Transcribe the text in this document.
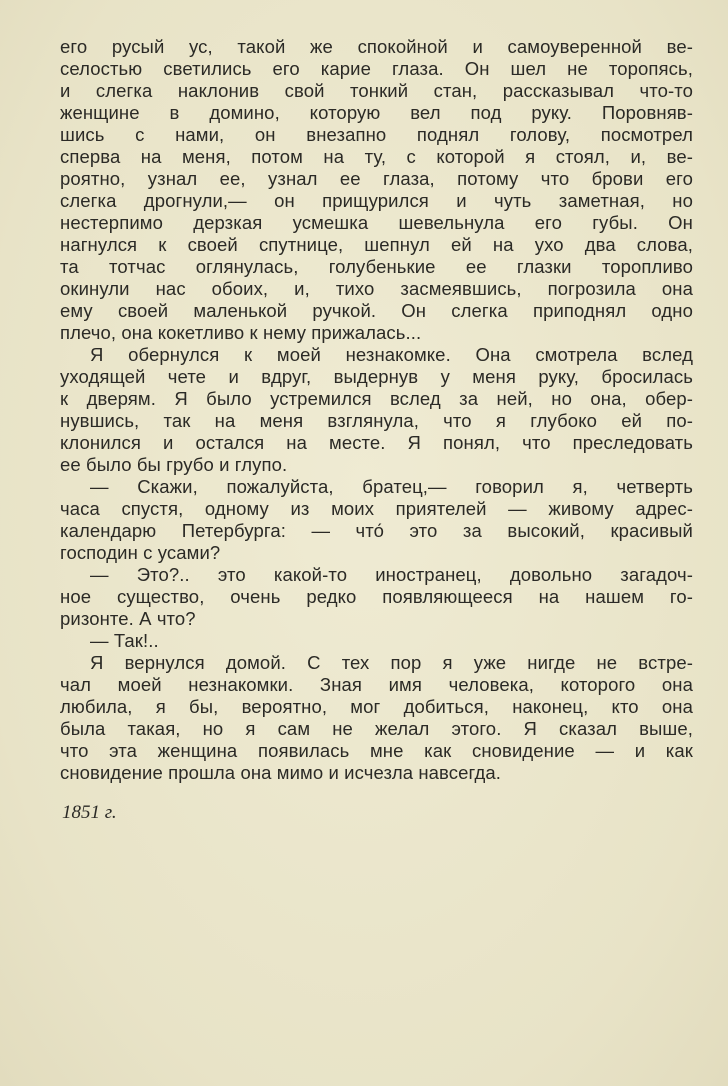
его русый ус, такой же спокойной и самоуверенной ве-
селостью светились его карие глаза. Он шел не торопясь,
и слегка наклонив свой тонкий стан, рассказывал что-то
женщине в домино, которую вел под руку. Поровняв-
шись с нами, он внезапно поднял голову, посмотрел
сперва на меня, потом на ту, с которой я стоял, и, ве-
роятно, узнал ее, узнал ее глаза, потому что брови его
слегка дрогнули,— он прищурился и чуть заметная, но
нестерпимо дерзкая усмешка шевельнула его губы. Он
нагнулся к своей спутнице, шепнул ей на ухо два слова,
та тотчас оглянулась, голубенькие ее глазки торопливо
окинули нас обоих, и, тихо засмеявшись, погрозила она
ему своей маленькой ручкой. Он слегка приподнял одно
плечо, она кокетливо к нему прижалась...
Я обернулся к моей незнакомке. Она смотрела вслед
уходящей чете и вдруг, выдернув у меня руку, бросилась
к дверям. Я было устремился вслед за ней, но она, обер-
нувшись, так на меня взглянула, что я глубоко ей по-
клонился и остался на месте. Я понял, что преследовать
ее было бы грубо и глупо.
— Скажи, пожалуйста, братец,— говорил я, четверть
часа спустя, одному из моих приятелей — живому адрес-
календарю Петербурга: — что́ это за высокий, красивый
господин с усами?
— Это?.. это какой-то иностранец, довольно загадоч-
ное существо, очень редко появляющееся на нашем го-
ризонте. А что?
— Так!..
Я вернулся домой. С тех пор я уже нигде не встре-
чал моей незнакомки. Зная имя человека, которого она
любила, я бы, вероятно, мог добиться, наконец, кто она
была такая, но я сам не желал этого. Я сказал выше,
что эта женщина появилась мне как сновидение — и как
сновидение прошла она мимо и исчезла навсегда.
1851 г.
